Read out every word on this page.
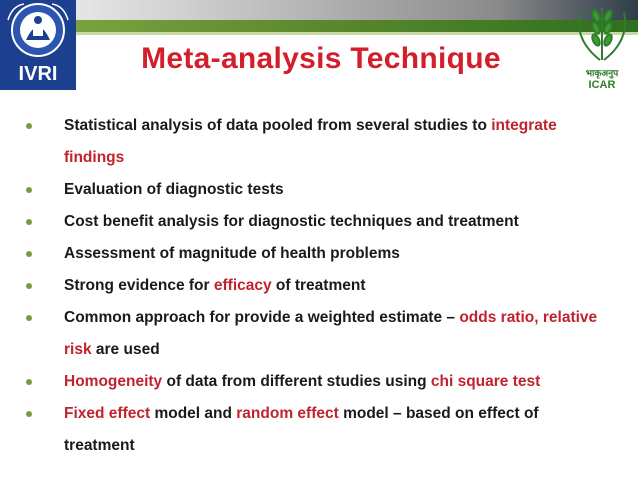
IVRI	भाकृअनुप
ICAR
Meta-analysis Technique
Statistical analysis of data pooled from several studies to integrate findings
Evaluation of diagnostic tests
Cost benefit analysis for diagnostic techniques and treatment
Assessment of magnitude of health problems
Strong evidence for efficacy of treatment
Common approach for provide a weighted estimate – odds ratio, relative risk are used
Homogeneity of data from different studies using chi square test
Fixed effect model and random effect model – based on effect of treatment
